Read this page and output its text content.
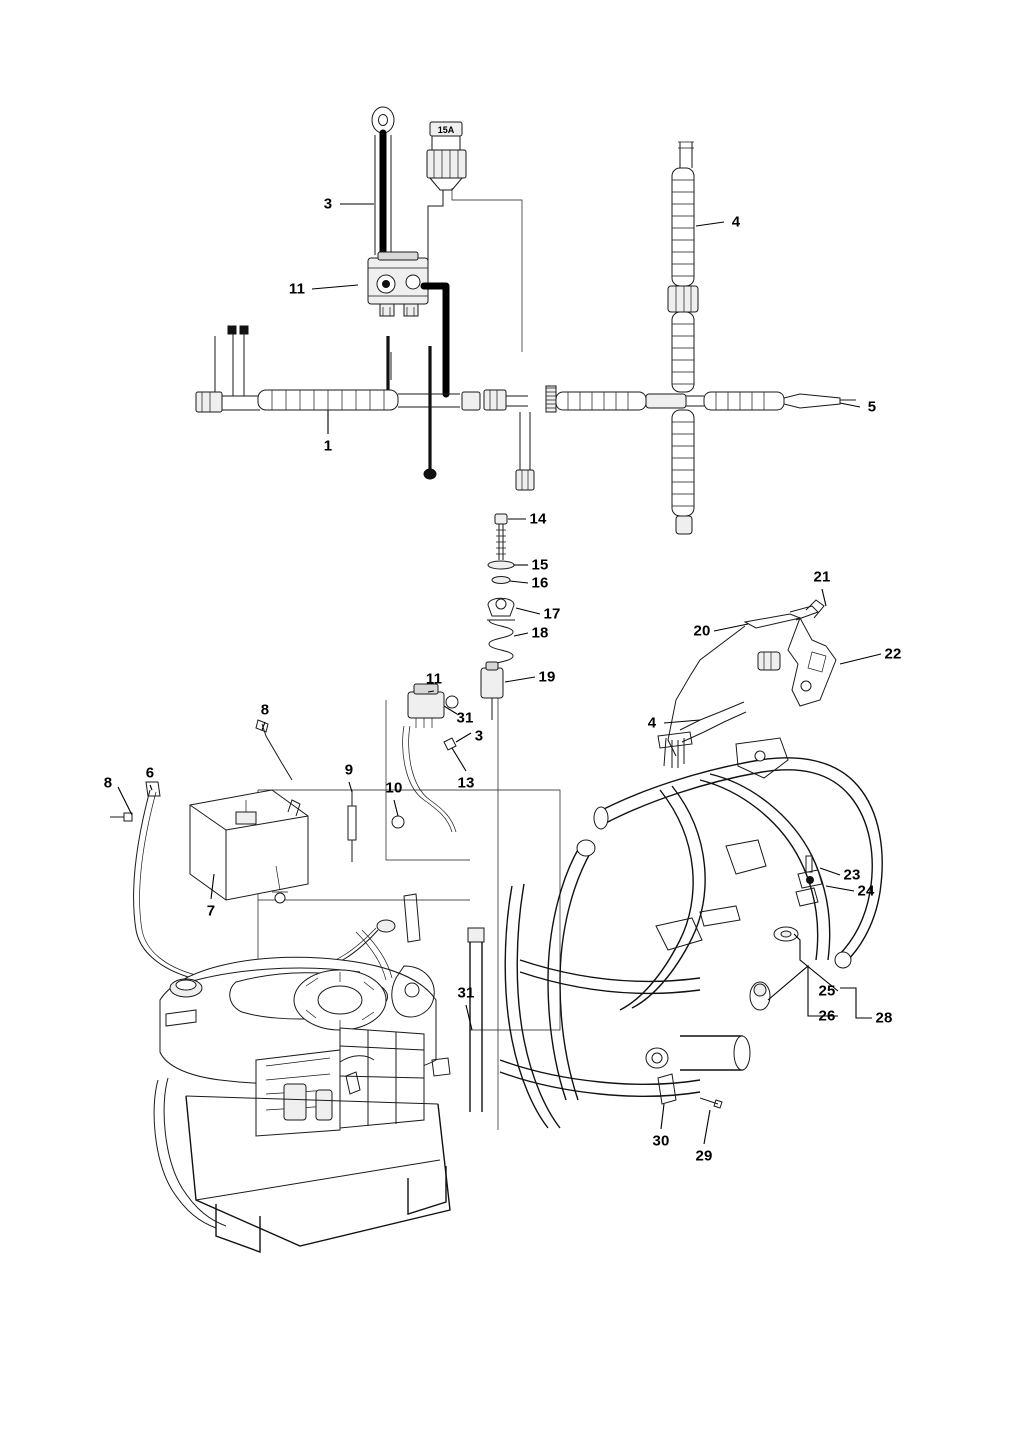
15A
3
4
11
1
5
14
15
16
17
18
19
21
20
22
4
11
31
3
13
8
8
6	9
10
7
23
24
25
26	28
31
30
29
